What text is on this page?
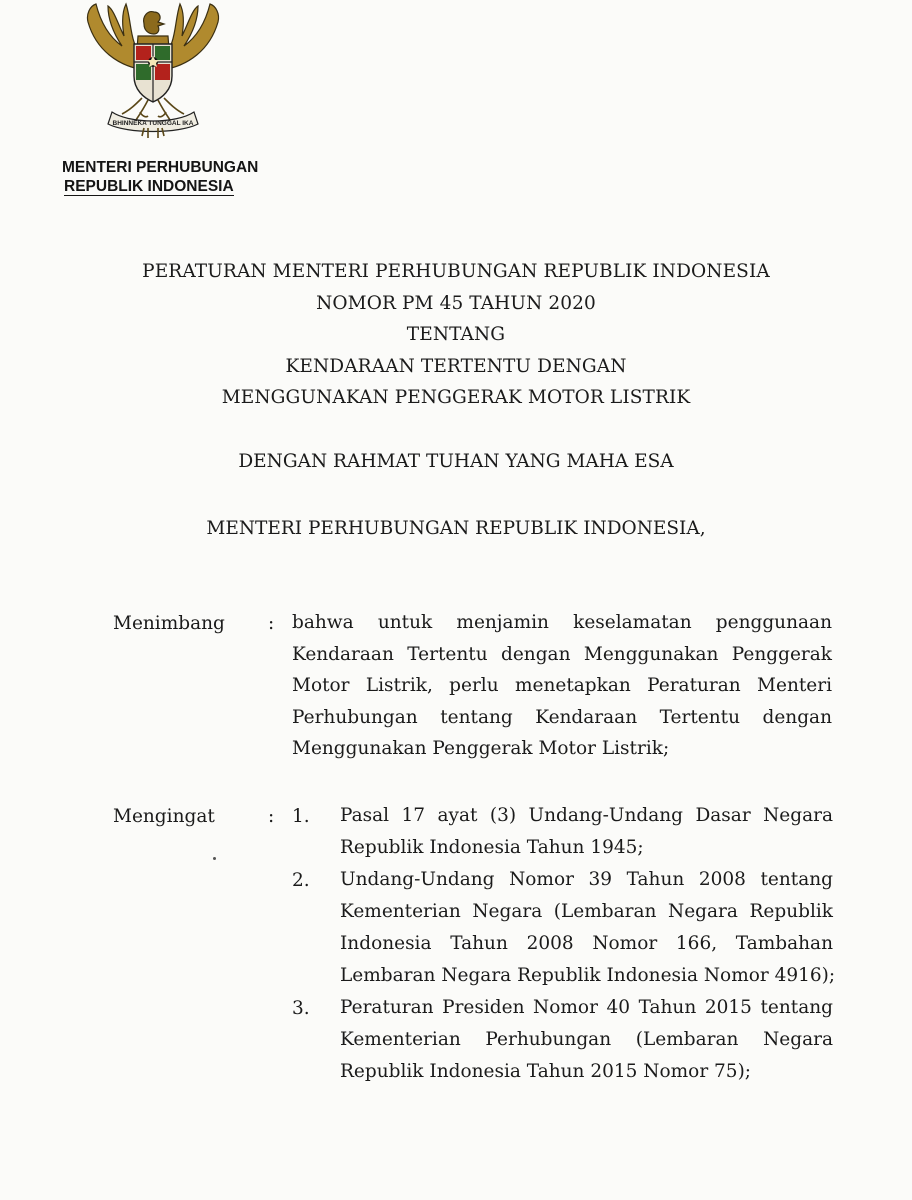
BHINNEKA TUNGGAL IKA
MENTERI PERHUBUNGAN
REPUBLIK INDONESIA
PERATURAN MENTERI PERHUBUNGAN REPUBLIK INDONESIA
NOMOR PM 45 TAHUN 2020
TENTANG
KENDARAAN TERTENTU DENGAN
MENGGUNAKAN PENGGERAK MOTOR LISTRIK
DENGAN RAHMAT TUHAN YANG MAHA ESA
MENTERI PERHUBUNGAN REPUBLIK INDONESIA,
Menimbang : bahwa untuk menjamin keselamatan penggunaan
Kendaraan Tertentu dengan Menggunakan Penggerak
Motor Listrik, perlu menetapkan Peraturan Menteri
Perhubungan tentang Kendaraan Tertentu dengan
Menggunakan Penggerak Motor Listrik;
Mengingat	: 1. Pasal 17 ayat (3) Undang-Undang Dasar Negara
Republik Indonesia Tahun 1945;
2. Undang-Undang Nomor 39 Tahun 2008 tentang
Kementerian Negara (Lembaran Negara Republik
Indonesia Tahun 2008 Nomor 166, Tambahan
Lembaran Negara Republik Indonesia Nomor 4916);
3. Peraturan Presiden Nomor 40 Tahun 2015 tentang
Kementerian Perhubungan (Lembaran Negara
Republik Indonesia Tahun 2015 Nomor 75);
